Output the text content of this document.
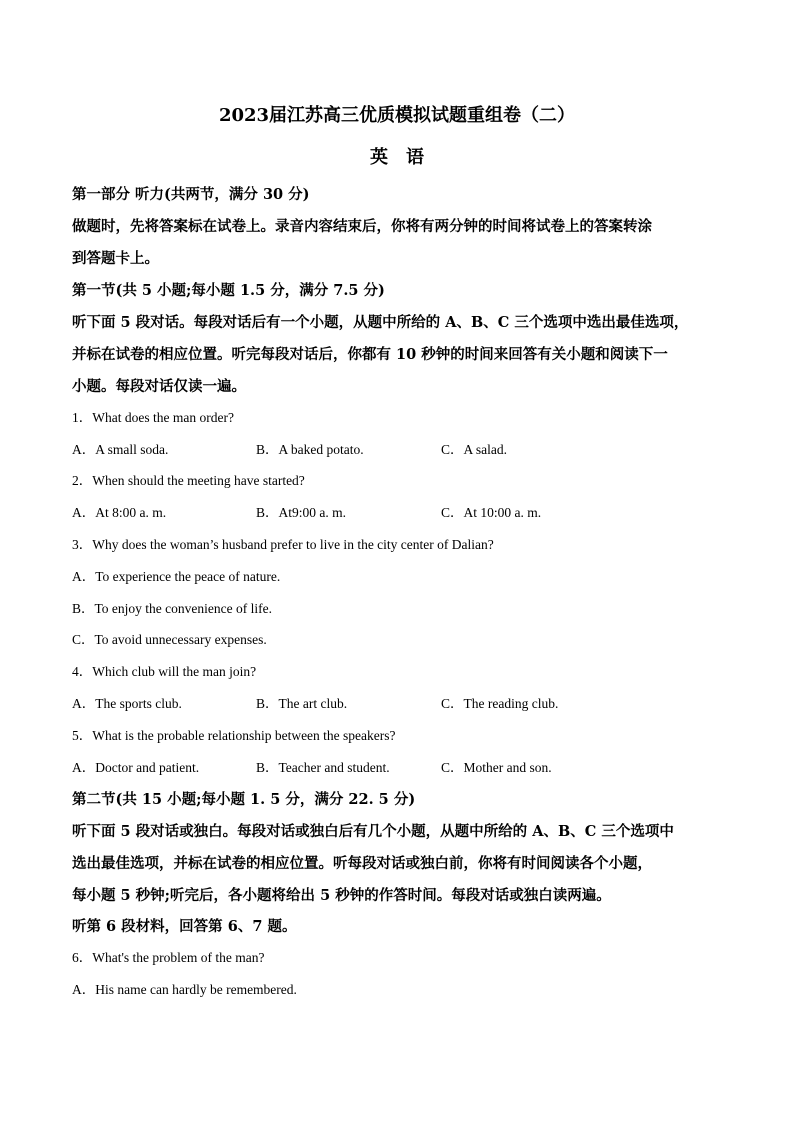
2023届江苏高三优质模拟试题重组卷（二）
英语
第一部分 听力(共两节，满分 30 分)
做题时，先将答案标在试卷上。录音内容结束后，你将有两分钟的时间将试卷上的答案转涂
到答题卡上。
第一节(共 5 小题;每小题 1.5 分，满分 7.5 分)
听下面 5 段对话。每段对话后有一个小题，从题中所给的 A、B、C 三个选项中选出最佳选项，
并标在试卷的相应位置。听完每段对话后，你都有 10 秒钟的时间来回答有关小题和阅读下一
小题。每段对话仅读一遍。
1．What does the man order?
A．A small soda.	B．A baked potato.	C．A salad.
2．When should the meeting have started?
A．At 8:00 a. m.	B．At9:00 a. m.	C．At 10:00 a. m.
3．Why does the woman’s husband prefer to live in the city center of Dalian?
A．To experience the peace of nature.
B．To enjoy the convenience of life.
C．To avoid unnecessary expenses.
4．Which club will the man join?
A．The sports club.	B．The art club.	C．The reading club.
5．What is the probable relationship between the speakers?
A．Doctor and patient.	B．Teacher and student.	C．Mother and son.
第二节(共 15 小题;每小题 1. 5 分，满分 22. 5 分)
听下面 5 段对话或独白。每段对话或独白后有几个小题，从题中所给的 A、B、C 三个选项中
选出最佳选项，并标在试卷的相应位置。听每段对话或独白前，你将有时间阅读各个小题，
每小题 5 秒钟;听完后，各小题将给出 5 秒钟的作答时间。每段对话或独白读两遍。
听第 6 段材料，回答第 6、7 题。
6．What's the problem of the man?
A．His name can hardly be remembered.
